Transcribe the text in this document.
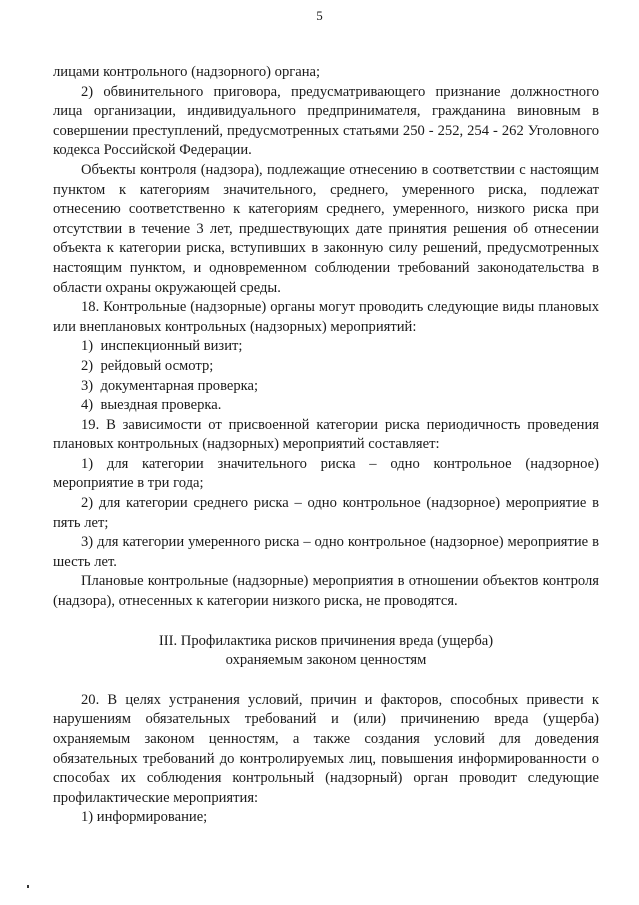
5

лицами контрольного (надзорного) органа;

2) обвинительного приговора, предусматривающего признание должностного лица организации, индивидуального предпринимателя, гражданина виновным в совершении преступлений, предусмотренных статьями 250 - 252, 254 - 262 Уголовного кодекса Российской Федерации.

Объекты контроля (надзора), подлежащие отнесению в соответствии с настоящим пунктом к категориям значительного, среднего, умеренного риска, подлежат отнесению соответственно к категориям среднего, умеренного, низкого риска при отсутствии в течение 3 лет, предшествующих дате принятия решения об отнесении объекта к категории риска, вступивших в законную силу решений, предусмотренных настоящим пунктом, и одновременном соблюдении требований законодательства в области охраны окружающей среды.

18. Контрольные (надзорные) органы могут проводить следующие виды плановых или внеплановых контрольных (надзорных) мероприятий:

1)  инспекционный визит;

2)  рейдовый осмотр;

3)  документарная проверка;

4)  выездная проверка.

19. В зависимости от присвоенной категории риска периодичность проведения плановых контрольных (надзорных) мероприятий составляет:

1) для категории значительного риска – одно контрольное (надзорное) мероприятие в три года;

2) для категории среднего риска – одно контрольное (надзорное) мероприятие в пять лет;

3) для категории умеренного риска – одно контрольное (надзорное) мероприятие в шесть лет.

Плановые контрольные (надзорные) мероприятия в отношении объектов контроля (надзора), отнесенных к категории низкого риска, не проводятся.

III. Профилактика рисков причинения вреда (ущерба)

охраняемым законом ценностям

20. В целях устранения условий, причин и факторов, способных привести к нарушениям обязательных требований и (или) причинению вреда (ущерба) охраняемым законом ценностям, а также создания условий для доведения обязательных требований до контролируемых лиц, повышения информированности о способах их соблюдения контрольный (надзорный) орган проводит следующие профилактические мероприятия:

1) информирование;
